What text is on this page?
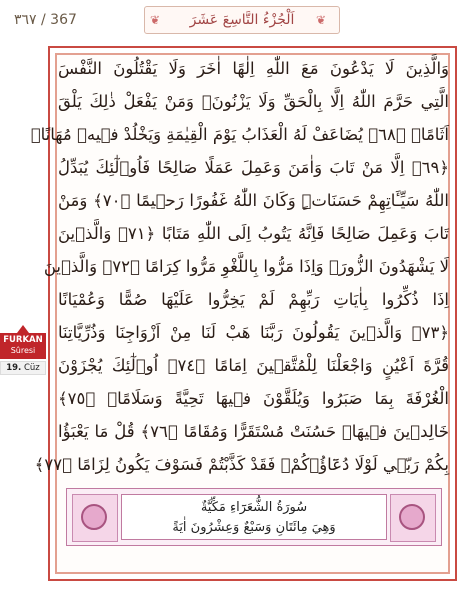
٣٦٧ / 367	❦	اَلْجُزْءُ التَّاسِعَ عَشَرَ	❦
وَالَّذِينَ لَا يَدْعُونَ مَعَ اللّٰهِ اِلٰهًا اٰخَرَ وَلَا يَقْتُلُونَ النَّفْسَ
الَّتِي حَرَّمَ اللّٰهُ اِلَّا بِالْحَقِّ وَلَا يَزْنُونَۚ وَمَنْ يَفْعَلْ ذٰلِكَ يَلْقَ
اَثَامًاۙ ﴿٦٨﴾ يُضَاعَفْ لَهُ الْعَذَابُ يَوْمَ الْقِيٰمَةِ وَيَخْلُدْ ف۪يه۪ مُهَانًاۗ
﴿٦٩﴾ اِلَّا مَنْ تَابَ وَاٰمَنَ وَعَمِلَ عَمَلًا صَالِحًا فَاُو۬لٰٓئِكَ يُبَدِّلُ
اللّٰهُ سَيِّـَٔاتِهِمْ حَسَنَاتٍۜ وَكَانَ اللّٰهُ غَفُورًا رَح۪يمًا ﴿٧٠﴾ وَمَنْ
تَابَ وَعَمِلَ صَالِحًا فَاِنَّهُ يَتُوبُ اِلَى اللّٰهِ مَتَابًا ﴿٧١﴾ وَالَّذ۪ينَ
لَا يَشْهَدُونَ الزُّورَۙ وَاِذَا مَرُّوا بِاللَّغْوِ مَرُّوا كِرَامًا ﴿٧٢﴾ وَالَّذ۪ينَ
اِذَا ذُكِّرُوا بِاٰيَاتِ رَبِّهِمْ لَمْ يَخِرُّوا عَلَيْهَا صُمًّا وَعُمْيَانًا
﴿٧٣﴾ وَالَّذ۪ينَ يَقُولُونَ رَبَّنَا هَبْ لَنَا مِنْ اَزْوَاجِنَا وَذُرِّيَّاتِنَا
قُرَّةَ اَعْيُنٍ وَاجْعَلْنَا لِلْمُتَّق۪ينَ اِمَامًا ﴿٧٤﴾ اُو۬لٰٓئِكَ يُجْزَوْنَ
الْغُرْفَةَ بِمَا صَبَرُوا وَيُلَقَّوْنَ ف۪يهَا تَحِيَّةً وَسَلَامًاۙ ﴿٧٥﴾
خَالِد۪ينَ ف۪يهَاۜ حَسُنَتْ مُسْتَقَرًّا وَمُقَامًا ﴿٧٦﴾ قُلْ مَا يَعْبَؤُا
بِكُمْ رَبّ۪ي لَوْلَا دُعَٓاؤُ۬كُمْۚ فَقَدْ كَذَّبْتُمْ فَسَوْفَ يَكُونُ لِزَامًا ﴿٧٧﴾
FURKAN
Sûresi
19. Cüz
سُورَةُ الشُّعَرَٓاءِ مَكِّيَّةٌ
وَهِيَ مِائَتَانِ وَسَبْعٌ وَعِشْرُونَ اٰيَةً
